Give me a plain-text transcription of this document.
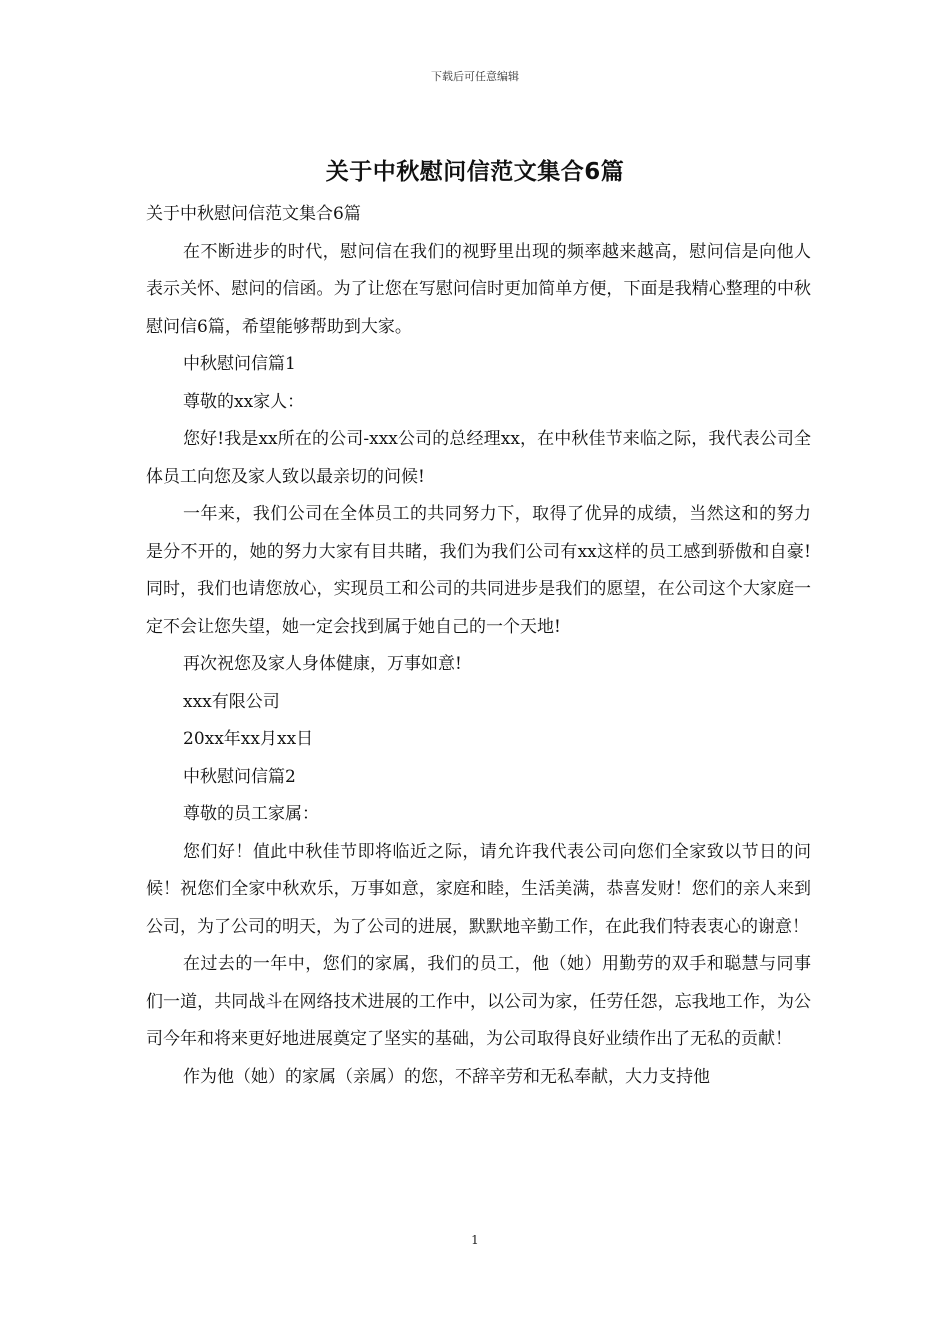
下载后可任意编辑
关于中秋慰问信范文集合6篇

关于中秋慰问信范文集合6篇

在不断进步的时代，慰问信在我们的视野里出现的频率越来越高，慰问信是向他人表示关怀、慰问的信函。为了让您在写慰问信时更加简单方便，下面是我精心整理的中秋慰问信6篇，希望能够帮助到大家。

中秋慰问信篇1

尊敬的xx家人：

您好!我是xx所在的公司-xxx公司的总经理xx，在中秋佳节来临之际，我代表公司全体员工向您及家人致以最亲切的问候!

一年来，我们公司在全体员工的共同努力下，取得了优异的成绩，当然这和的努力是分不开的，她的努力大家有目共睹，我们为我们公司有xx这样的员工感到骄傲和自豪!同时，我们也请您放心，实现员工和公司的共同进步是我们的愿望，在公司这个大家庭一定不会让您失望，她一定会找到属于她自己的一个天地!

再次祝您及家人身体健康，万事如意!

xxx有限公司

20xx年xx月xx日

中秋慰问信篇2

尊敬的员工家属：

您们好！值此中秋佳节即将临近之际，请允许我代表公司向您们全家致以节日的问候！祝您们全家中秋欢乐，万事如意，家庭和睦，生活美满，恭喜发财！您们的亲人来到公司，为了公司的明天，为了公司的进展，默默地辛勤工作，在此我们特表衷心的谢意！

在过去的一年中，您们的家属，我们的员工，他（她）用勤劳的双手和聪慧与同事们一道，共同战斗在网络技术进展的工作中，以公司为家，任劳任怨，忘我地工作，为公司今年和将来更好地进展奠定了坚实的基础，为公司取得良好业绩作出了无私的贡献！

作为他（她）的家属（亲属）的您，不辞辛劳和无私奉献，大力支持他

1
